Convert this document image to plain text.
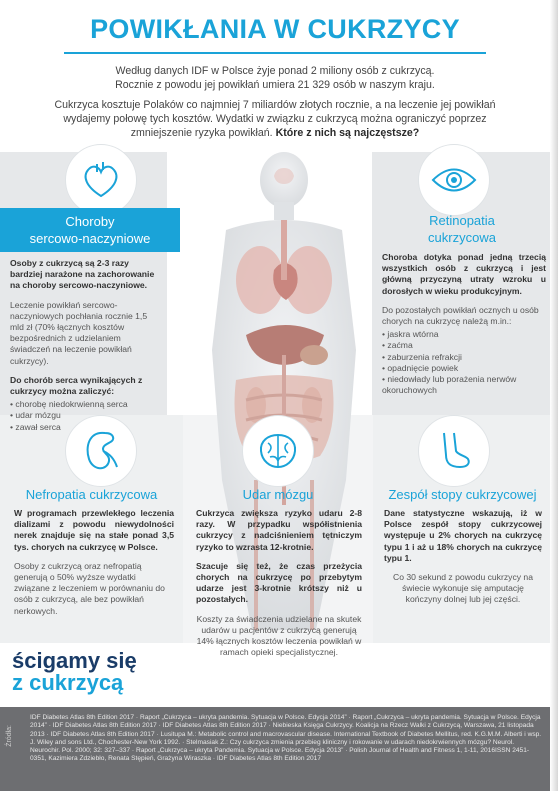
POWIKŁANIA W CUKRZYCY
Według danych IDF w Polsce żyje ponad 2 miliony osób z cukrzycą.
Rocznie z powodu jej powikłań umiera 21 329 osób w naszym kraju.
Cukrzyca kosztuje Polaków co najmniej 7 miliardów złotych rocznie, a na leczenie jej powikłań
wydajemy połowę tych kosztów. Wydatki w związku z cukrzycą można ograniczyć poprzez
zmniejszenie ryzyka powikłań. Które z nich są najczęstsze?
Choroby
sercowo-naczyniowe

Osoby z cukrzycą są 2-3 razy bardziej narażone na zachorowanie na choroby sercowo-naczyniowe.

Leczenie powikłań sercowo-naczyniowych pochłania rocznie 1,5 mld zł (70% łącznych kosztów bezpośrednich z udzielaniem świadczeń na leczenie powikłań cukrzycy).

Do chorób serca wynikających z cukrzycy można zaliczyć:

• chorobę niedokrwienną serca
• udar mózgu
• zawał serca
Retinopatia
cukrzycowa

Choroba dotyka ponad jedną trzecią wszystkich osób z cukrzycą i jest główną przyczyną utraty wzroku u dorosłych w wieku produkcyjnym.

Do pozostałych powikłań ocznych u osób chorych na cukrzycę należą m.in.:

• jaskra wtórna
• zaćma
• zaburzenia refrakcji
• opadnięcie powiek
• niedowłady lub porażenia nerwów okoruchowych
Nefropatia cukrzycowa

W programach przewlekłego leczenia dializami z powodu niewydolności nerek znajduje się na stałe ponad 3,5 tys. chorych na cukrzycę w Polsce.

Osoby z cukrzycą oraz nefropatią generują o 50% wyższe wydatki związane z leczeniem w porównaniu do osób z cukrzycą, ale bez powikłań nerkowych.

Udar mózgu

Cukrzyca zwiększa ryzyko udaru 2-8 razy. W przypadku współistnienia cukrzycy z nadciśnieniem tętniczym ryzyko to wzrasta 12-krotnie.

Szacuje się też, że czas przeżycia chorych na cukrzycę po przebytym udarze jest 3-krotnie krótszy niż u pozostałych.

Koszty za świadczenia udzielane na skutek udarów u pacjentów z cukrzycą generują 14% łącznych kosztów leczenia powikłań w ramach opieki specjalistycznej.

Zespół stopy cukrzycowej

Dane statystyczne wskazują, iż w Polsce zespół stopy cukrzycowej występuje u 2% chorych na cukrzycę typu 1 i aż u 18% chorych na cukrzycę typu 1.

Co 30 sekund z powodu cukrzycy na świecie wykonuje się amputację kończyny dolnej lub jej części.

ścigamy się
z cukrzycą
Źródła:
IDF Diabetes Atlas 8th Edition 2017 · Raport „Cukrzyca – ukryta pandemia. Sytuacja w Polsce. Edycja 2014” · Raport „Cukrzyca – ukryta pandemia. Sytuacja w Polsce. Edycja 2014” · IDF Diabetes Atlas 8th Edition 2017 · IDF Diabetes Atlas 8th Edition 2017 · Niebieska Księga Cukrzycy. Koalicja na Rzecz Walki z Cukrzycą, Warszawa, 21 listopada 2013 · IDF Diabetes Atlas 8th Edition 2017 · Lusitupa M.: Metabolic control and macrovascular disease. International Textbook of Diabetes Mellitus, red. K.G.M.M. Alberti i wsp. J. Wiley and sons Ltd., Chochester-New York 1992. · Stelmasiak Z.: Czy cukrzyca zmienia przebieg kliniczny i rokowanie w udarach niedokrwiennych mózgu? Neurol. Neurochir. Pol. 2000; 32: 327–337 · Raport „Cukrzyca – ukryta Pandemia. Sytuacja w Polsce. Edycja 2013” · Polish Journal of Health and Fitness 1, 1-11, 2016ISSN 2451-0351, Kazimiera Zdziebło, Renata Stępień, Grażyna Wiraszka · IDF Diabetes Atlas 8th Edition 2017
